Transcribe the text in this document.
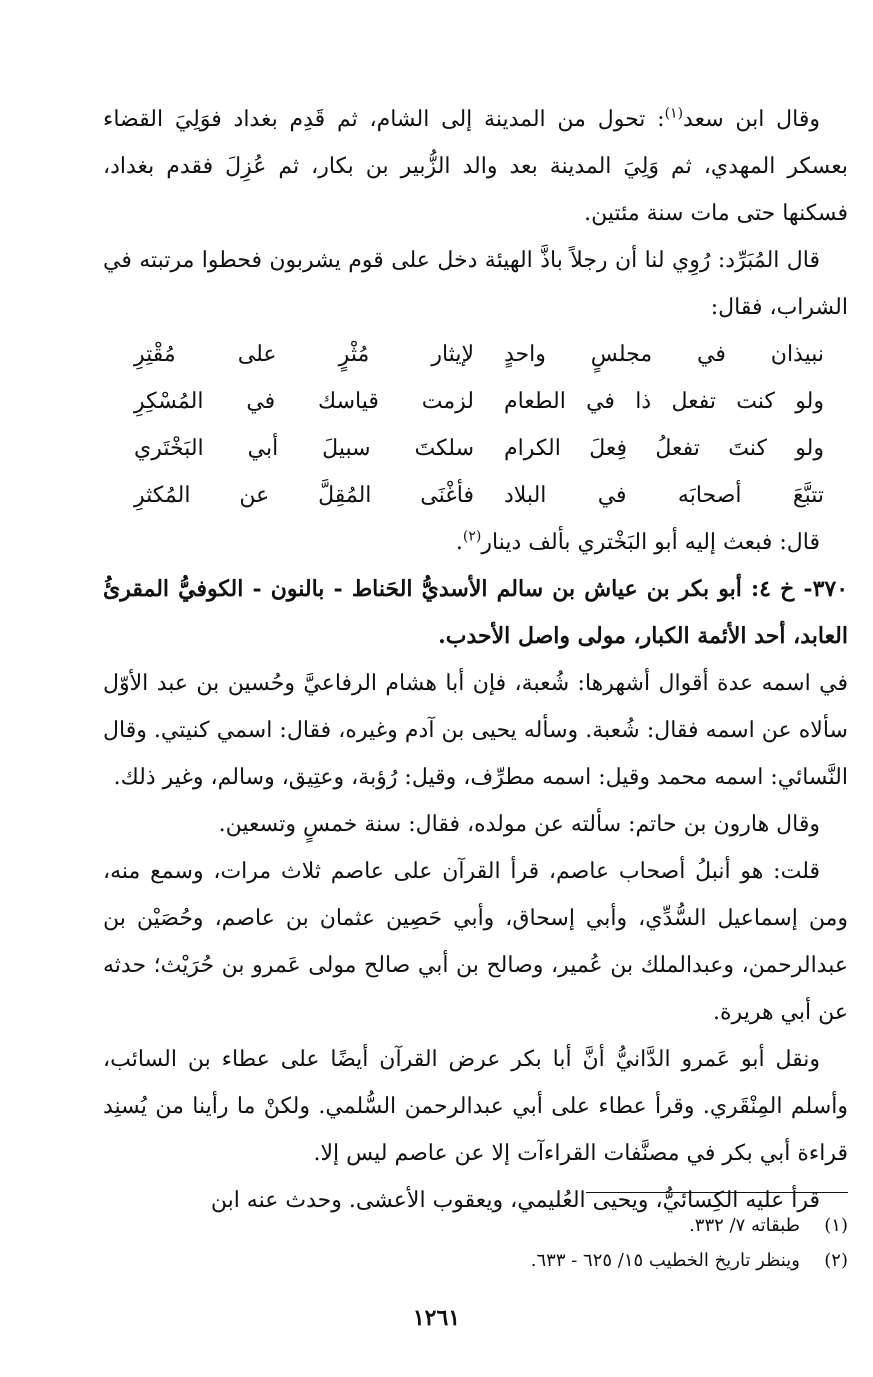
وقال ابن سعد$^{(١)}$: تحول من المدينة إلى الشام، ثم قَدِم بغداد فوَلِيَ القضاء بعسكر المهدي، ثم وَلِيَ المدينة بعد والد الزُّبير بن بكار، ثم عُزِلَ فقدم بغداد، فسكنها حتى مات سنة مئتين.

قال المُبَرِّد: رُوِي لنا أن رجلاً باذَّ الهيئة دخل على قوم يشربون فحطوا مرتبته في الشراب، فقال:

نبيذان في مجلسٍ واحدٍ
لإيثار مُثْرٍ على مُقْتِرِ
ولو كنت تفعل ذا في الطعام
لزمت قياسك في المُسْكِرِ
ولو كنتَ تفعلُ فِعلَ الكرام
سلكتَ سبيلَ أبي البَخْتَري
تتبَّعَ أصحابَه في البلاد
فأغْنَى المُقِلَّ عن المُكثرِ

قال: فبعث إليه أبو البَخْتري بألف دينار$^{(٢)}$.

٣٧٠- خ ٤: أبو بكر بن عياش بن سالم الأسديُّ الحَناط - بالنون - الكوفيُّ المقرئُ العابد، أحد الأئمة الكبار، مولى واصل الأحدب.

في اسمه عدة أقوال أشهرها: شُعبة، فإن أبا هشام الرفاعيَّ وحُسين بن عبد الأوّل سألاه عن اسمه فقال: شُعبة. وسأله يحيى بن آدم وغيره، فقال: اسمي كنيتي. وقال النَّسائي: اسمه محمد وقيل: اسمه مطرِّف، وقيل: رُؤبة، وعتِيق، وسالم، وغير ذلك.

وقال هارون بن حاتم: سألته عن مولده، فقال: سنة خمسٍ وتسعين.

قلت: هو أنبلُ أصحاب عاصم، قرأ القرآن على عاصم ثلاث مرات، وسمع منه، ومن إسماعيل السُّدِّي، وأبي إسحاق، وأبي حَصِين عثمان بن عاصم، وحُصَيْن بن عبدالرحمن، وعبدالملك بن عُمير، وصالح بن أبي صالح مولى عَمرو بن حُرَيْث؛ حدثه عن أبي هريرة.

ونقل أبو عَمرو الدَّانيُّ أنَّ أبا بكر عرض القرآن أيضًا على عطاء بن السائب، وأسلم المِنْقَري. وقرأ عطاء على أبي عبدالرحمن السُّلمي. ولكنْ ما رأينا من يُسنِد قراءة أبي بكر في مصنَّفات القراءآت إلا عن عاصم ليس إلا.

قرأ عليه الكِسائيُّ، ويحيى العُليمي، ويعقوب الأعشى. وحدث عنه ابن

(١)
طبقاته ٧/ ٣٣٢.
(٢)
وينظر تاريخ الخطيب ١٥/ ٦٢٥ - ٦٣٣.
١٢٦١
